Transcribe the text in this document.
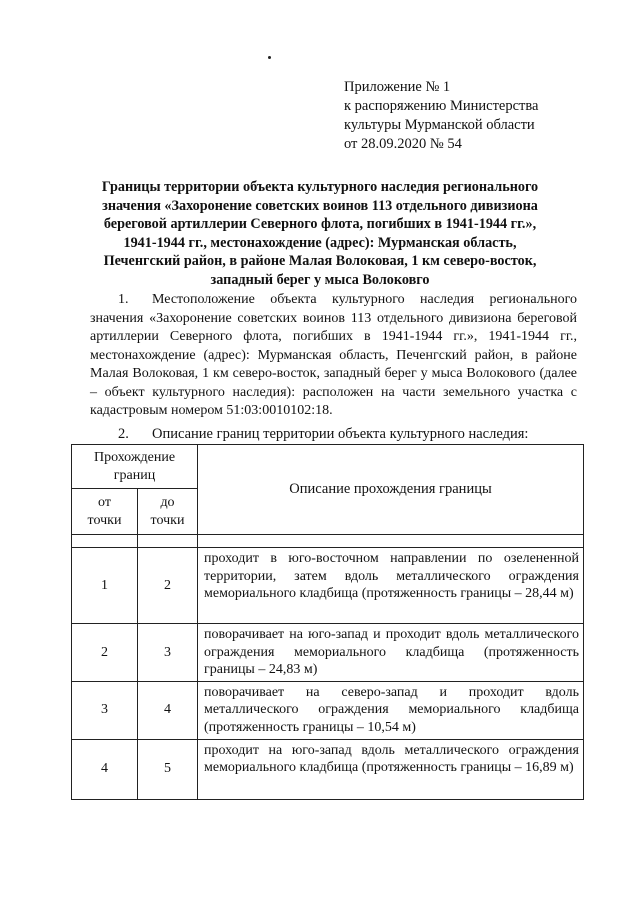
Приложение № 1
к распоряжению Министерства
культуры Мурманской области
от 28.09.2020 № 54
Границы территории объекта культурного наследия регионального
значения «Захоронение советских воинов 113 отдельного дивизиона
береговой артиллерии Северного флота, погибших в 1941-1944 гг.»,
1941-1944 гг., местонахождение (адрес): Мурманская область,
Печенгский район, в районе Малая Волоковая, 1 км северо-восток,
западный берег у мыса Волоковго
1. Местоположение объекта культурного наследия регионального значения «Захоронение советских воинов 113 отдельного дивизиона береговой артиллерии Северного флота, погибших в 1941-1944 гг.», 1941-1944 гг., местонахождение (адрес): Мурманская область, Печенгский район, в районе Малая Волоковая, 1 км северо-восток, западный берег у мыса Волокового (далее – объект культурного наследия): расположен на части земельного участка с кадастровым номером 51:03:0010102:18.
2. Описание границ территории объекта культурного наследия:
Прохождение границ		Описание прохождения границы
от точки	до точки	

1	2	проходит в юго-восточном направлении по озелененной территории, затем вдоль металлического ограждения мемориального кладбища (протяженность границы – 28,44 м)
2	3	поворачивает на юго-запад и проходит вдоль металлического ограждения мемориального кладбища (протяженность границы – 24,83 м)
3	4	поворачивает на северо-запад и проходит вдоль металлического ограждения мемориального кладбища (протяженность границы – 10,54 м)
4	5	проходит на юго-запад вдоль металлического ограждения мемориального кладбища (протяженность границы – 16,89 м)
